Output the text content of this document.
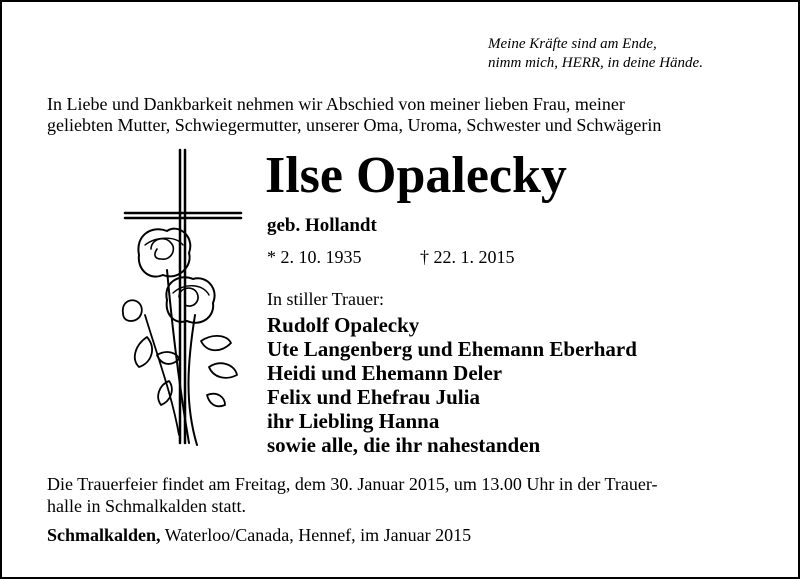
Meine Kräfte sind am Ende,
nimm mich, HERR, in deine Hände.
In Liebe und Dankbarkeit nehmen wir Abschied von meiner lieben Frau, meiner
geliebten Mutter, Schwiegermutter, unserer Oma, Uroma, Schwester und Schwägerin
Ilse Opalecky
geb. Hollandt
* 2. 10. 1935	† 22. 1. 2015
In stiller Trauer:
Rudolf Opalecky
Ute Langenberg und Ehemann Eberhard
Heidi und Ehemann Deler
Felix und Ehefrau Julia
ihr Liebling Hanna
sowie alle, die ihr nahestanden
Die Trauerfeier findet am Freitag, dem 30. Januar 2015, um 13.00 Uhr in der Trauer-
halle in Schmalkalden statt.
Schmalkalden, Waterloo/Canada, Hennef, im Januar 2015
